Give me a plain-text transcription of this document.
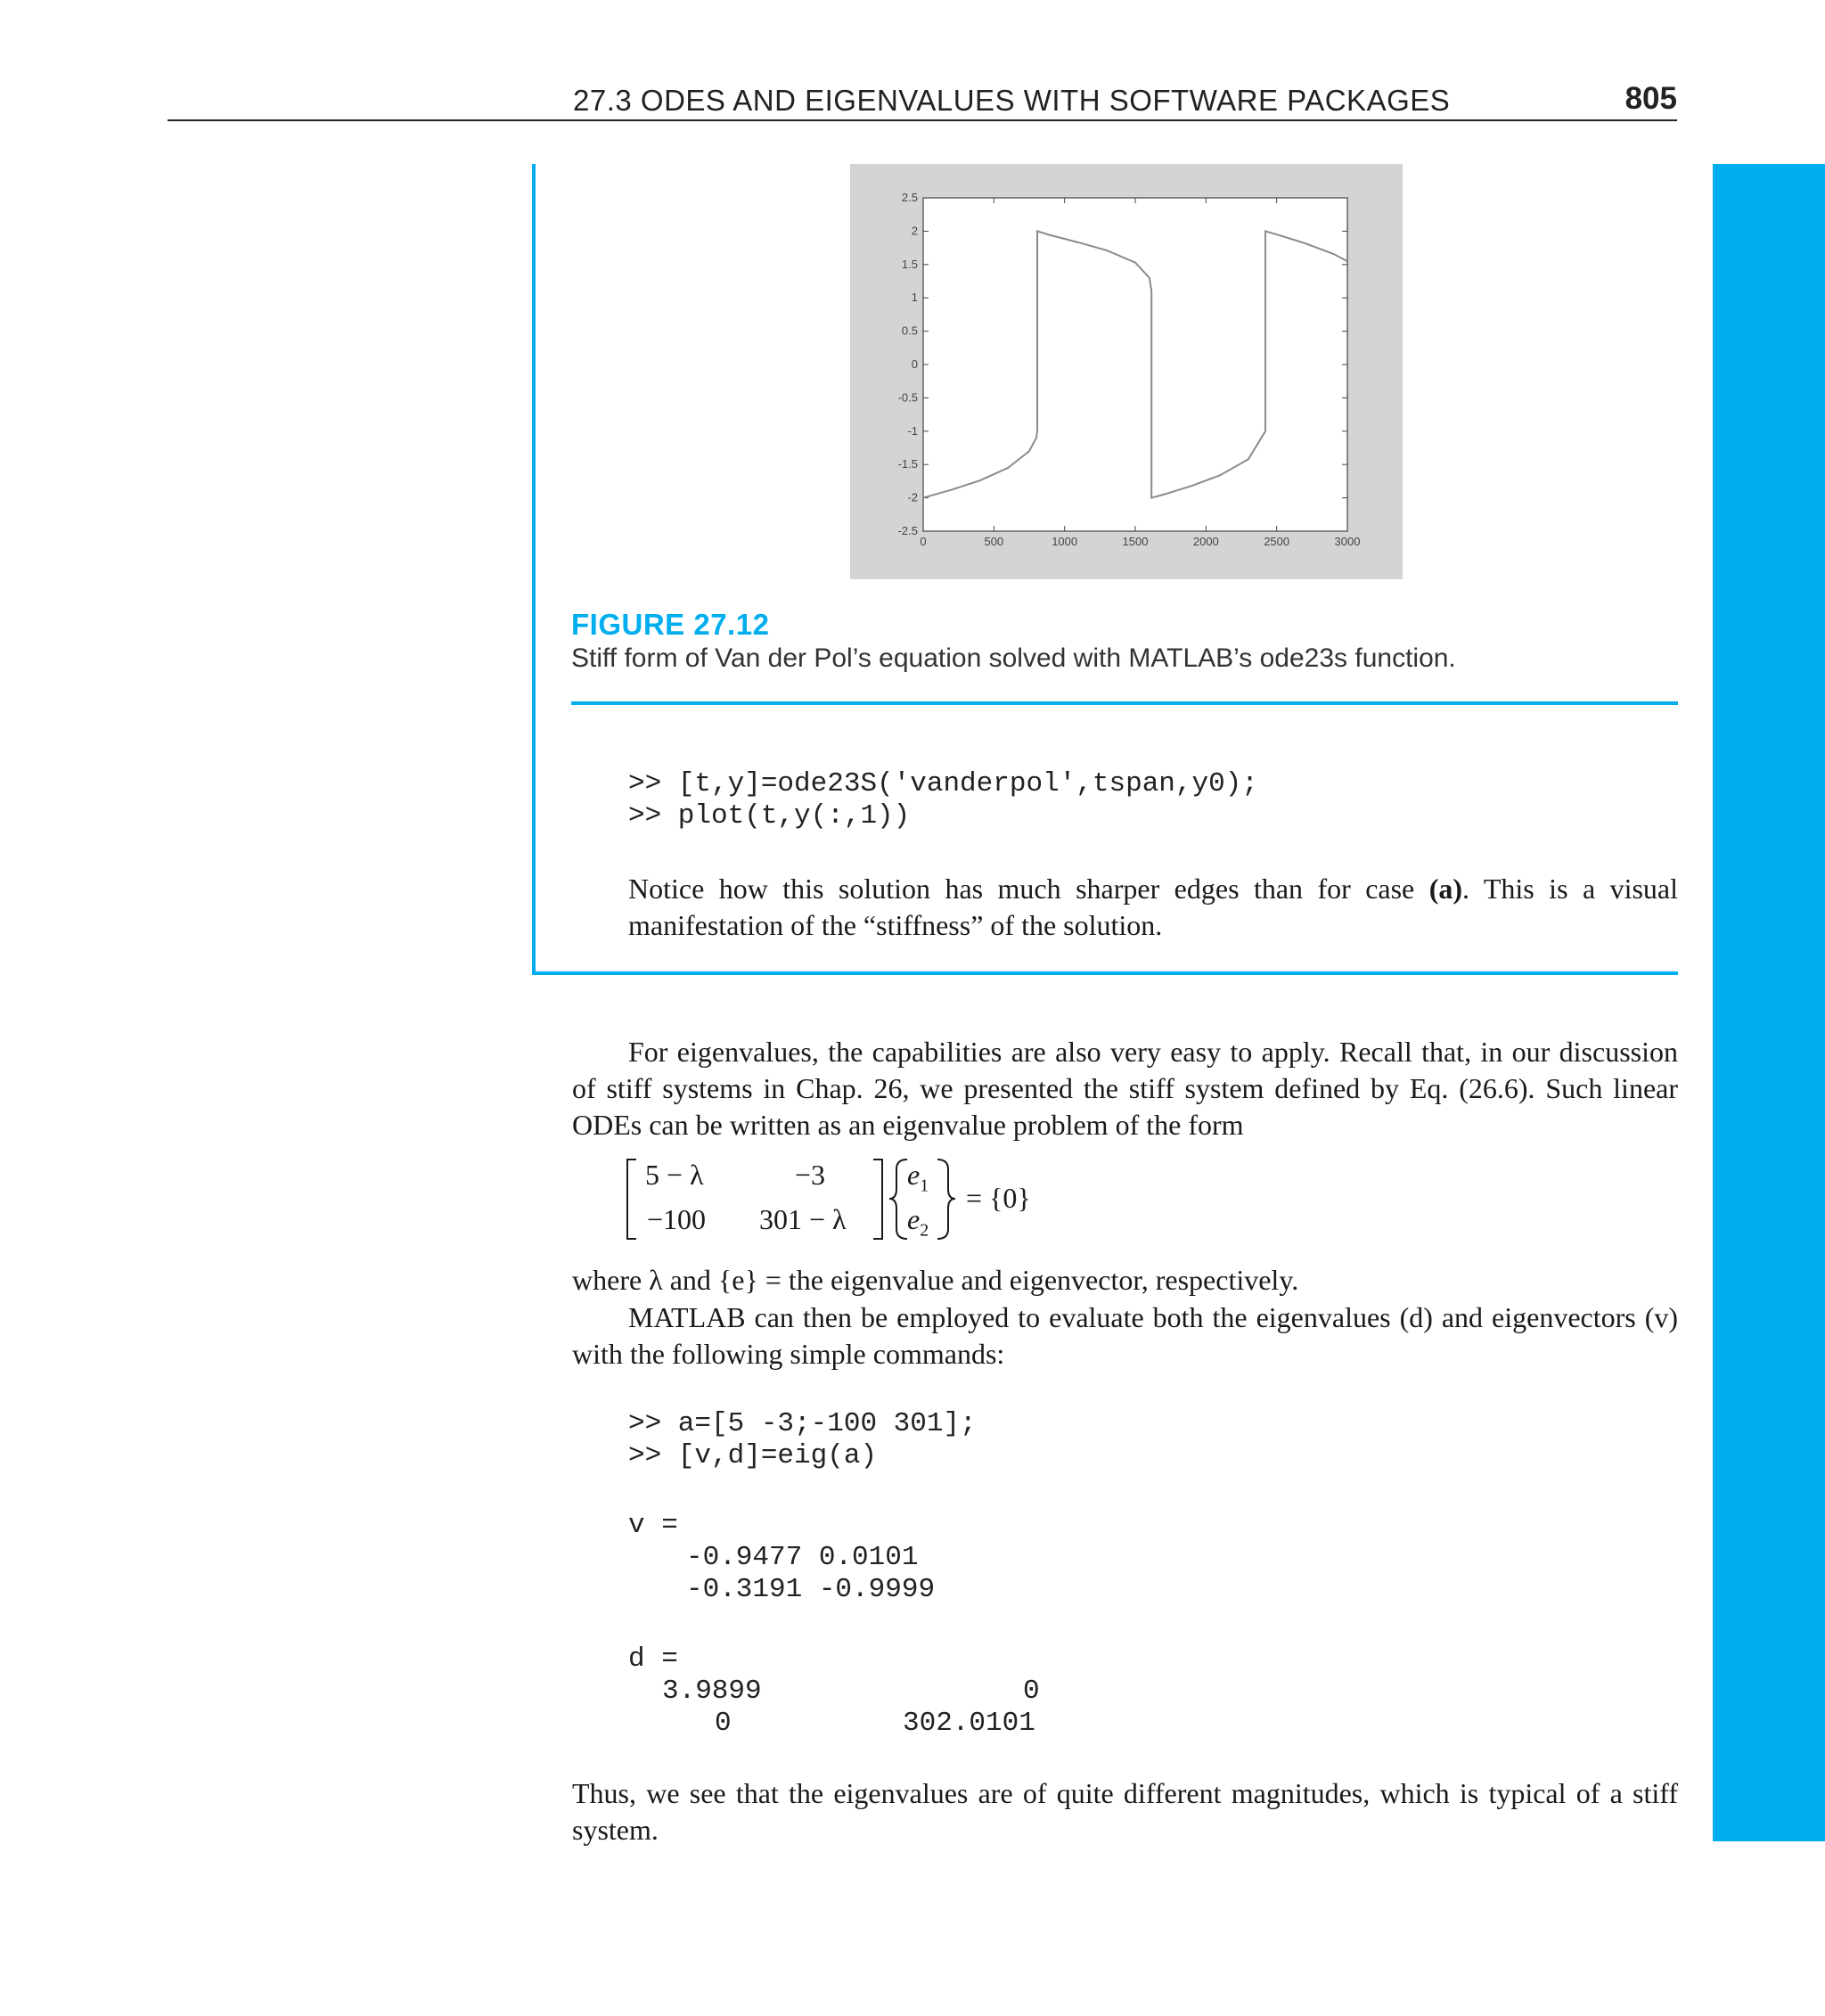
27.3 ODES AND EIGENVALUES WITH SOFTWARE PACKAGES	805
0	500	1000	1500	2000	2500	3000
2.5
2
1.5
1
0.5
0
-0.5
-1
-1.5
-2
-2.5
FIGURE 27.12
Stiff form of Van der Pol’s equation solved with MATLAB’s ode23s function.
>> [t,y]=ode23S('vanderpol',tspan,y0);
>> plot(t,y(:,1))
Notice how this solution has much sharper edges than for case (a). This is a visual manifestation of the “stiffness” of the solution.
For eigenvalues, the capabilities are also very easy to apply. Recall that, in our discussion of stiff systems in Chap. 26, we presented the stiff system defined by Eq. (26.6). Such linear ODEs can be written as an eigenvalue problem of the form
5 − λ	−3
−100 301 − λ
$e_1$
$e_2$
= {0}
where λ and {e} = the eigenvalue and eigenvector, respectively.
MATLAB can then be employed to evaluate both the eigenvalues (d) and eigenvectors (v) with the following simple commands:
>> a=[5 -3;-100 301];
>> [v,d]=eig(a)
v =
-0.9477 0.0101
-0.3191 -0.9999
d =
3.9899	0
0	302.0101
Thus, we see that the eigenvalues are of quite different magnitudes, which is typical of a stiff system.
